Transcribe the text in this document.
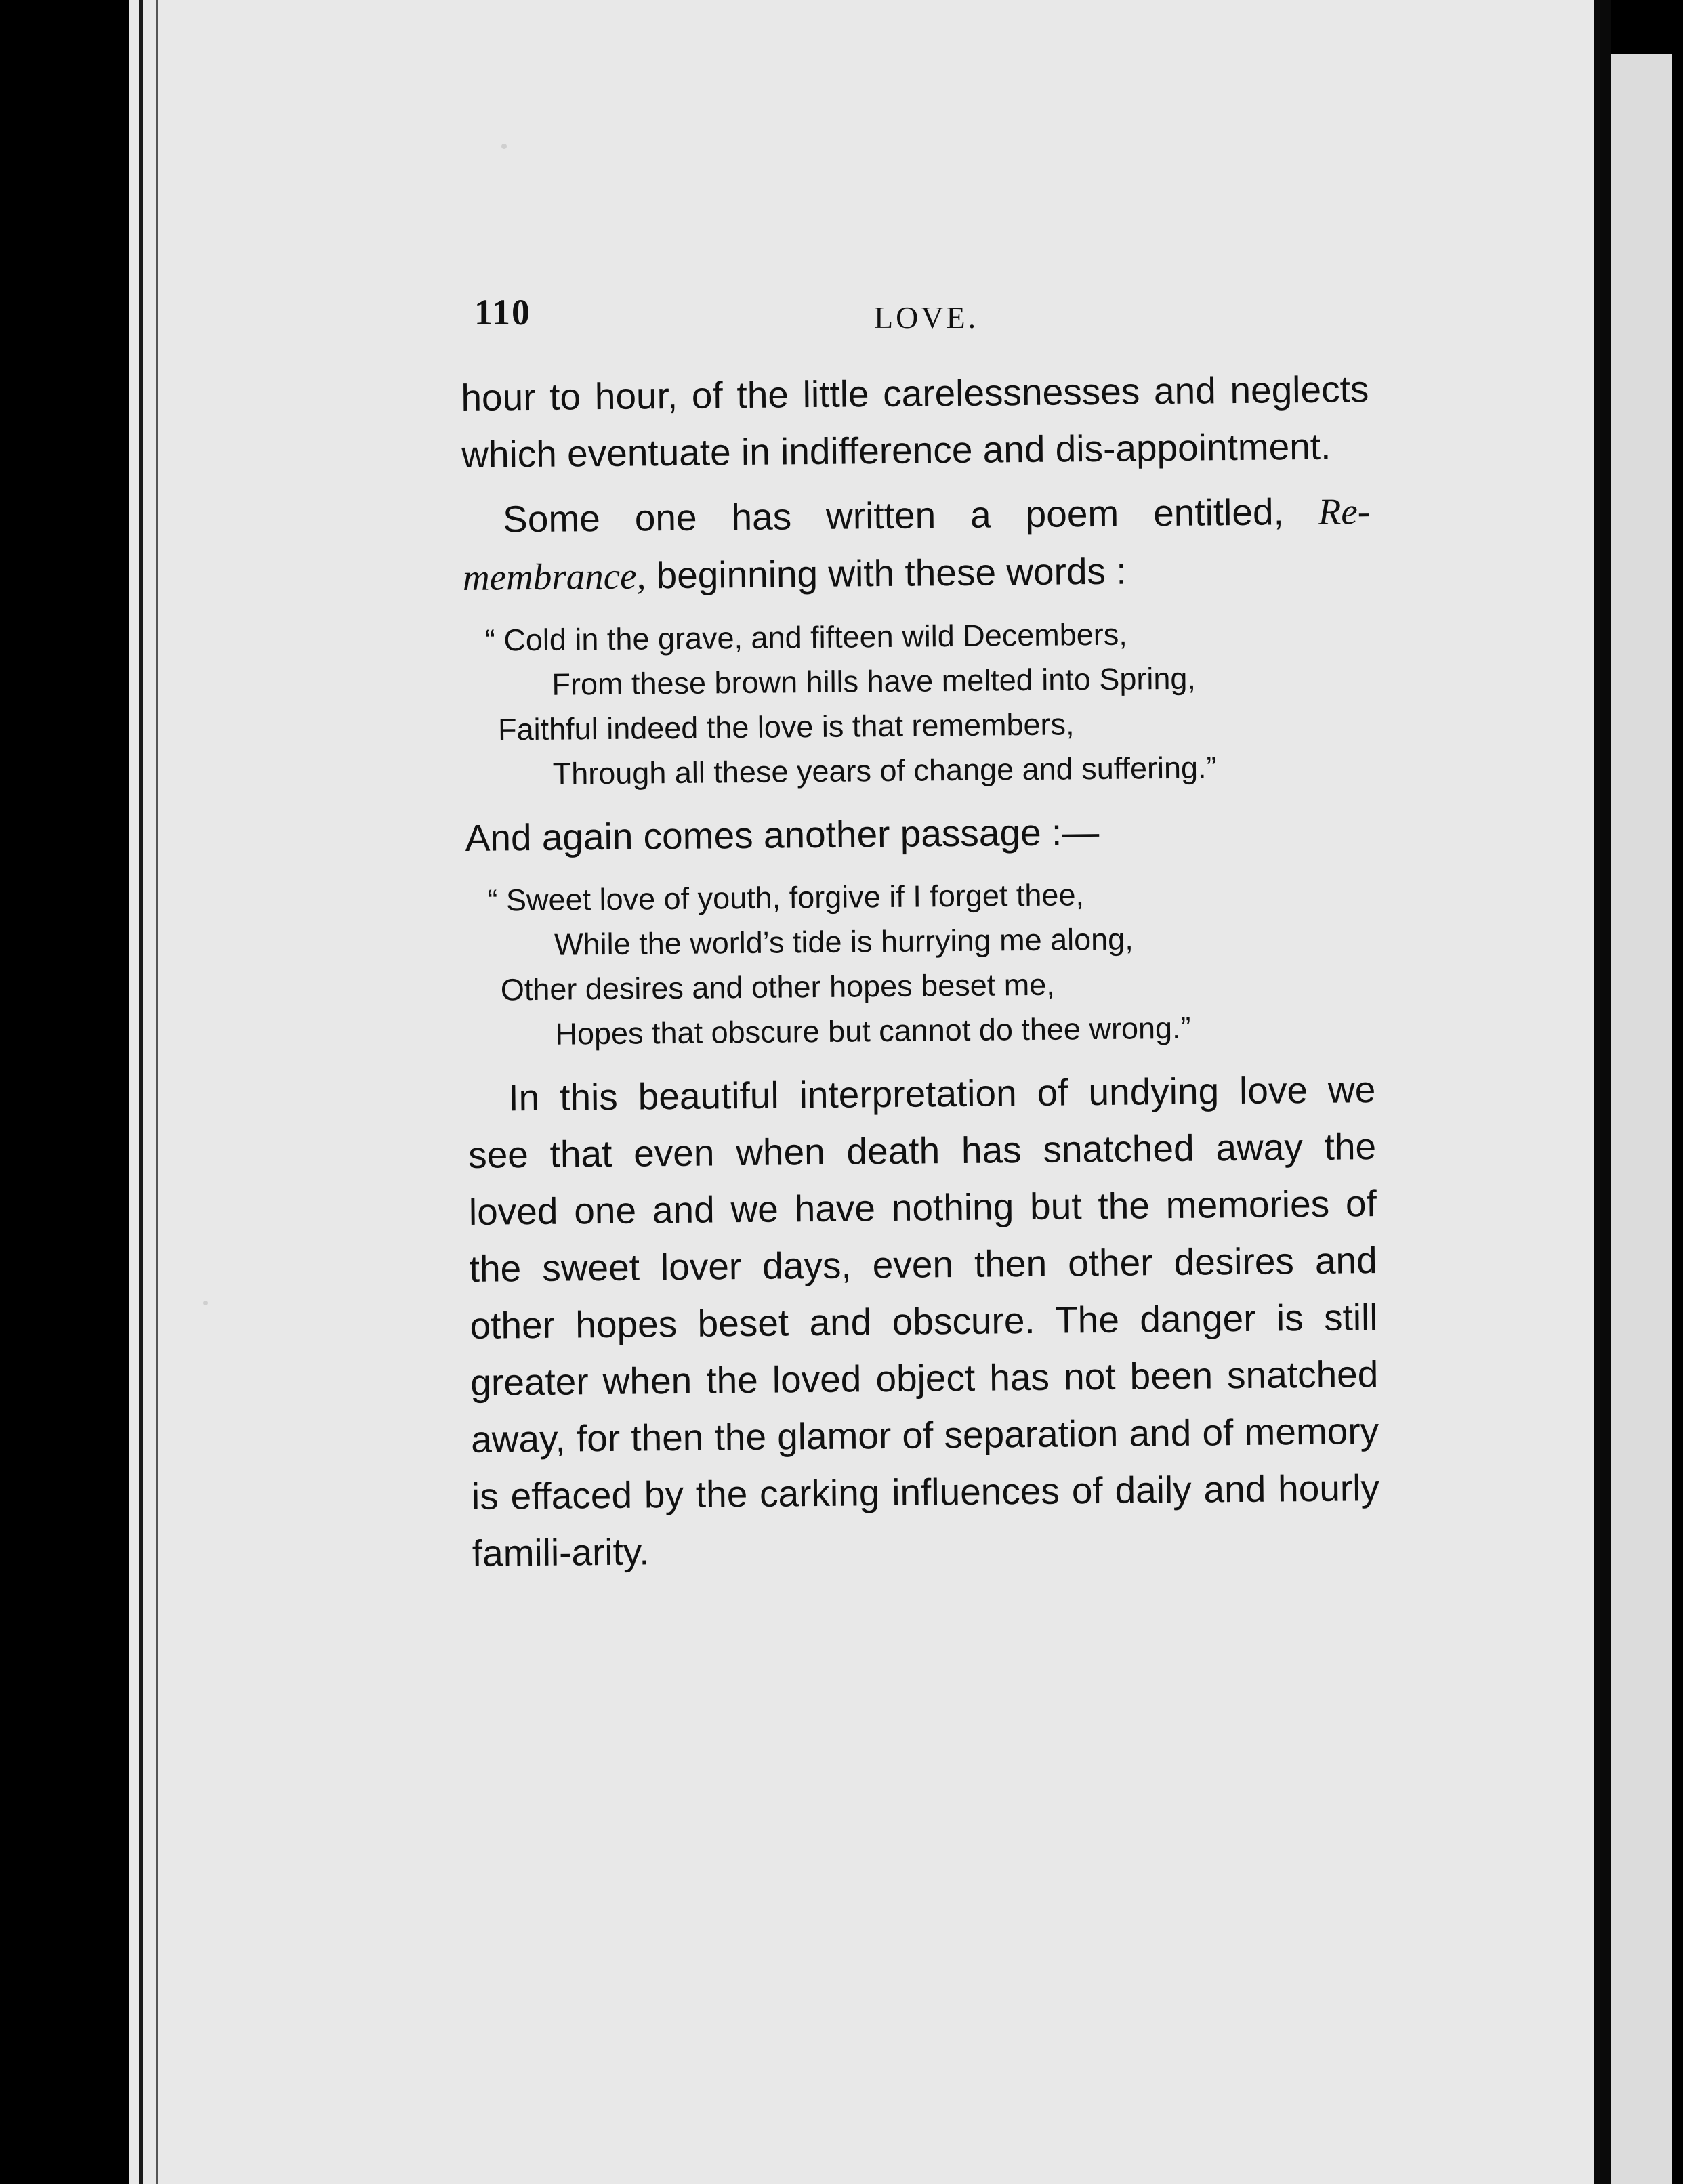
110	LOVE.

hour to hour, of the little carelessnesses and neglects which eventuate in indifference and dis-appointment.

Some one has written a poem entitled, Re-membrance, beginning with these words :

“ Cold in the grave, and fifteen wild Decembers,
From these brown hills have melted into Spring,
Faithful indeed the love is that remembers,
Through all these years of change and suffering.”

And again comes another passage :—

“ Sweet love of youth, forgive if I forget thee,
While the world’s tide is hurrying me along,
Other desires and other hopes beset me,
Hopes that obscure but cannot do thee wrong.”

In this beautiful interpretation of undying love we see that even when death has snatched away the loved one and we have nothing but the memories of the sweet lover days, even then other desires and other hopes beset and obscure. The danger is still greater when the loved object has not been snatched away, for then the glamor of separation and of memory is effaced by the carking influences of daily and hourly famili-arity.
